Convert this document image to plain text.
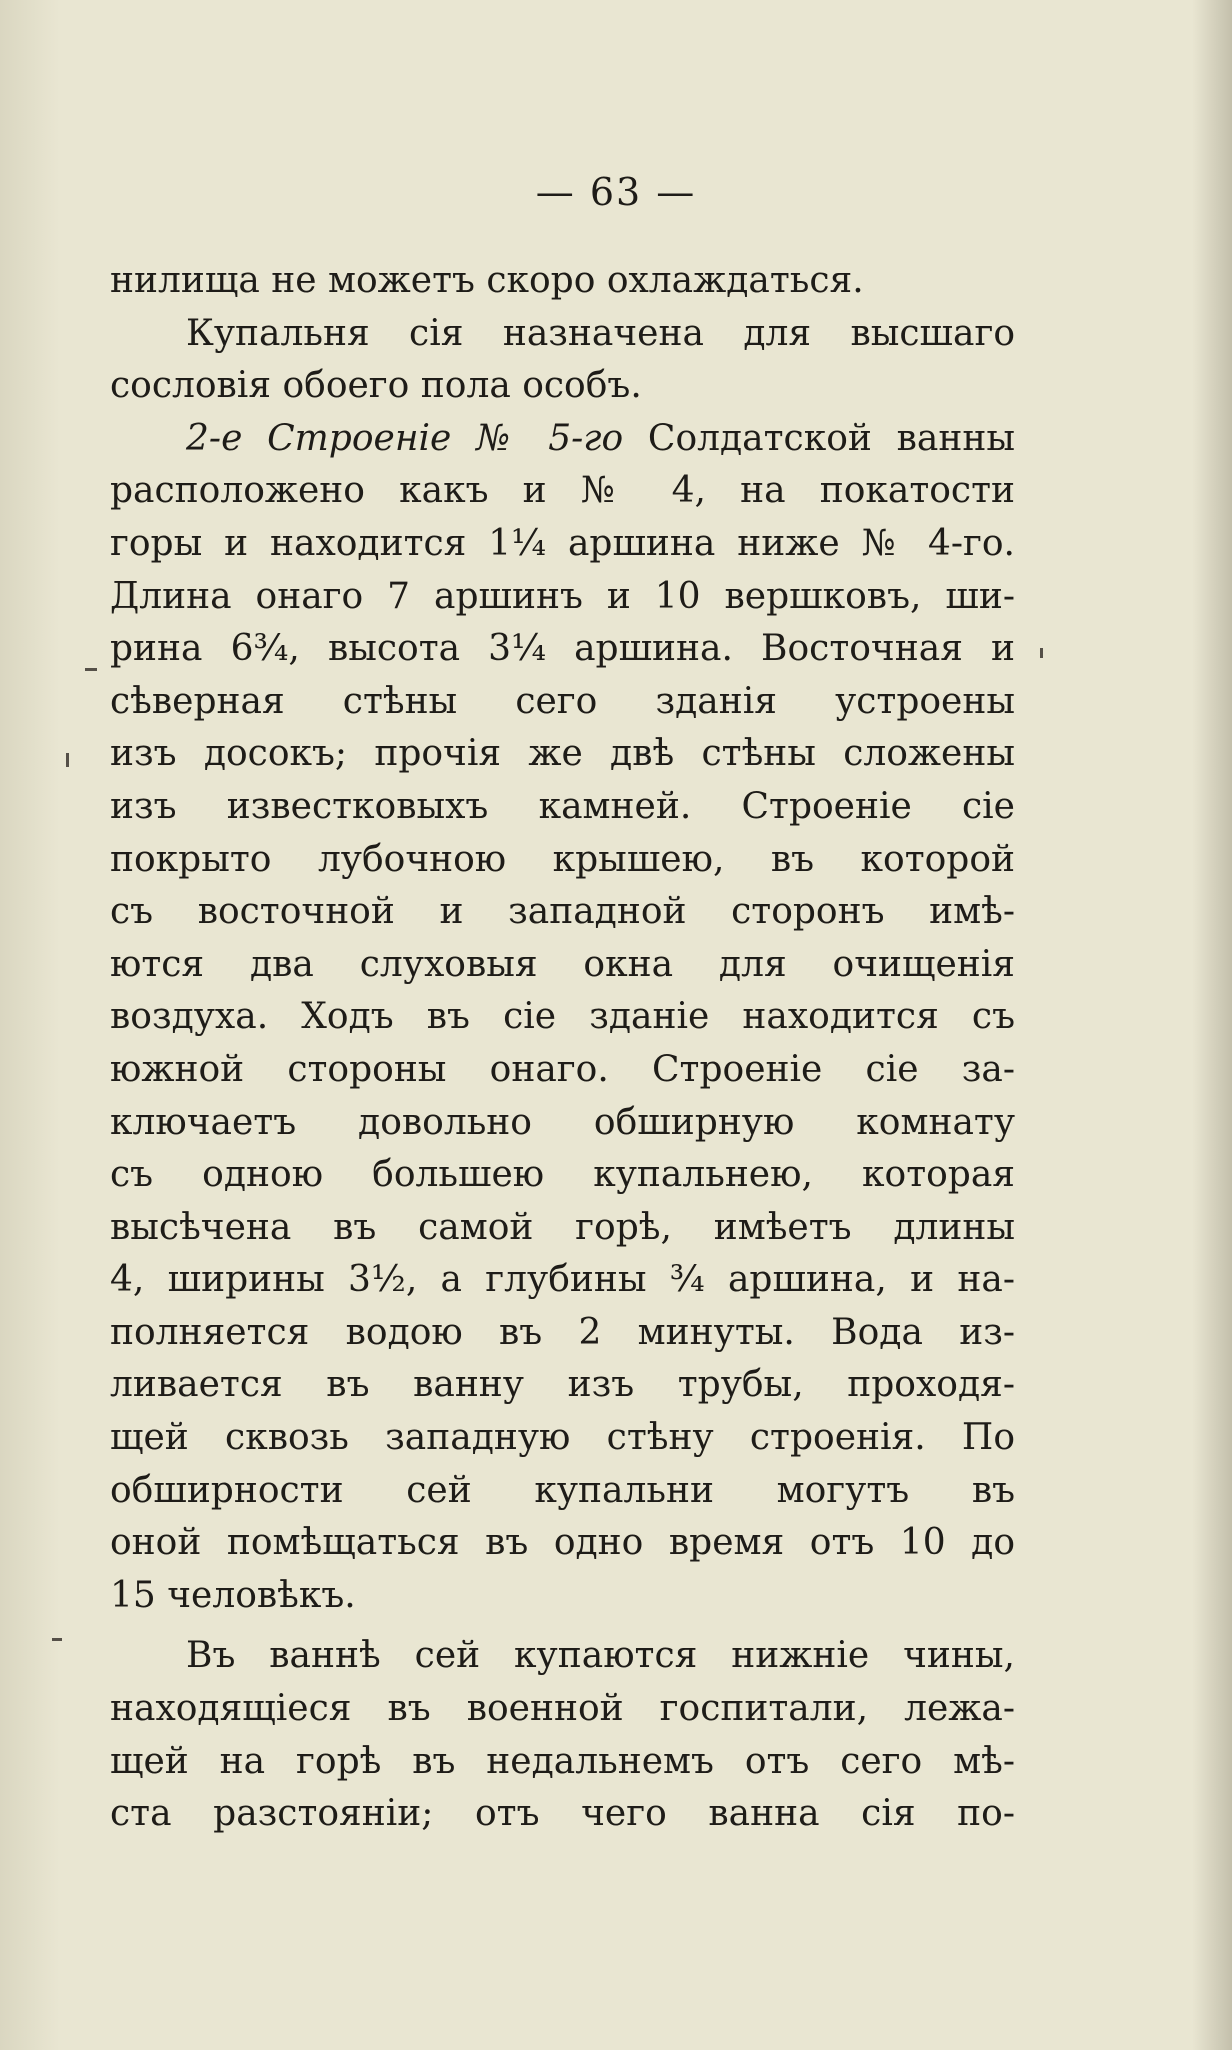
— 63 —
нилища не можетъ скоро охлаждаться.
Купальня сія назначена для высшаго
сословія обоего пола особъ.
2-е Строеніе № 5-го Солдатской ванны
расположено какъ и № 4, на покатости
горы и находится 1¼ аршина ниже № 4-го.
Длина онаго 7 аршинъ и 10 вершковъ, ши-
рина 6¾, высота 3¼ аршина. Восточная и
сѣверная стѣны сего зданія устроены
изъ досокъ; прочія же двѣ стѣны сложены
изъ известковыхъ камней. Строеніе сіе
покрыто лубочною крышею, въ которой
съ восточной и западной сторонъ имѣ-
ются два слуховыя окна для очищенія
воздуха. Ходъ въ сіе зданіе находится съ
южной стороны онаго. Строеніе сіе за-
ключаетъ довольно обширную комнату
съ одною большею купальнею, которая
высѣчена въ самой горѣ, имѣетъ длины
4, ширины 3½, а глубины ¾ аршина, и на-
полняется водою въ 2 минуты. Вода из-
ливается въ ванну изъ трубы, проходя-
щей сквозь западную стѣну строенія. По
обширности сей купальни могутъ въ
оной помѣщаться въ одно время отъ 10 до
15 человѣкъ.
Въ ваннѣ сей купаются нижніе чины,
находящіеся въ военной госпитали, лежа-
щей на горѣ въ недальнемъ отъ сего мѣ-
ста разстояніи; отъ чего ванна сія по-
